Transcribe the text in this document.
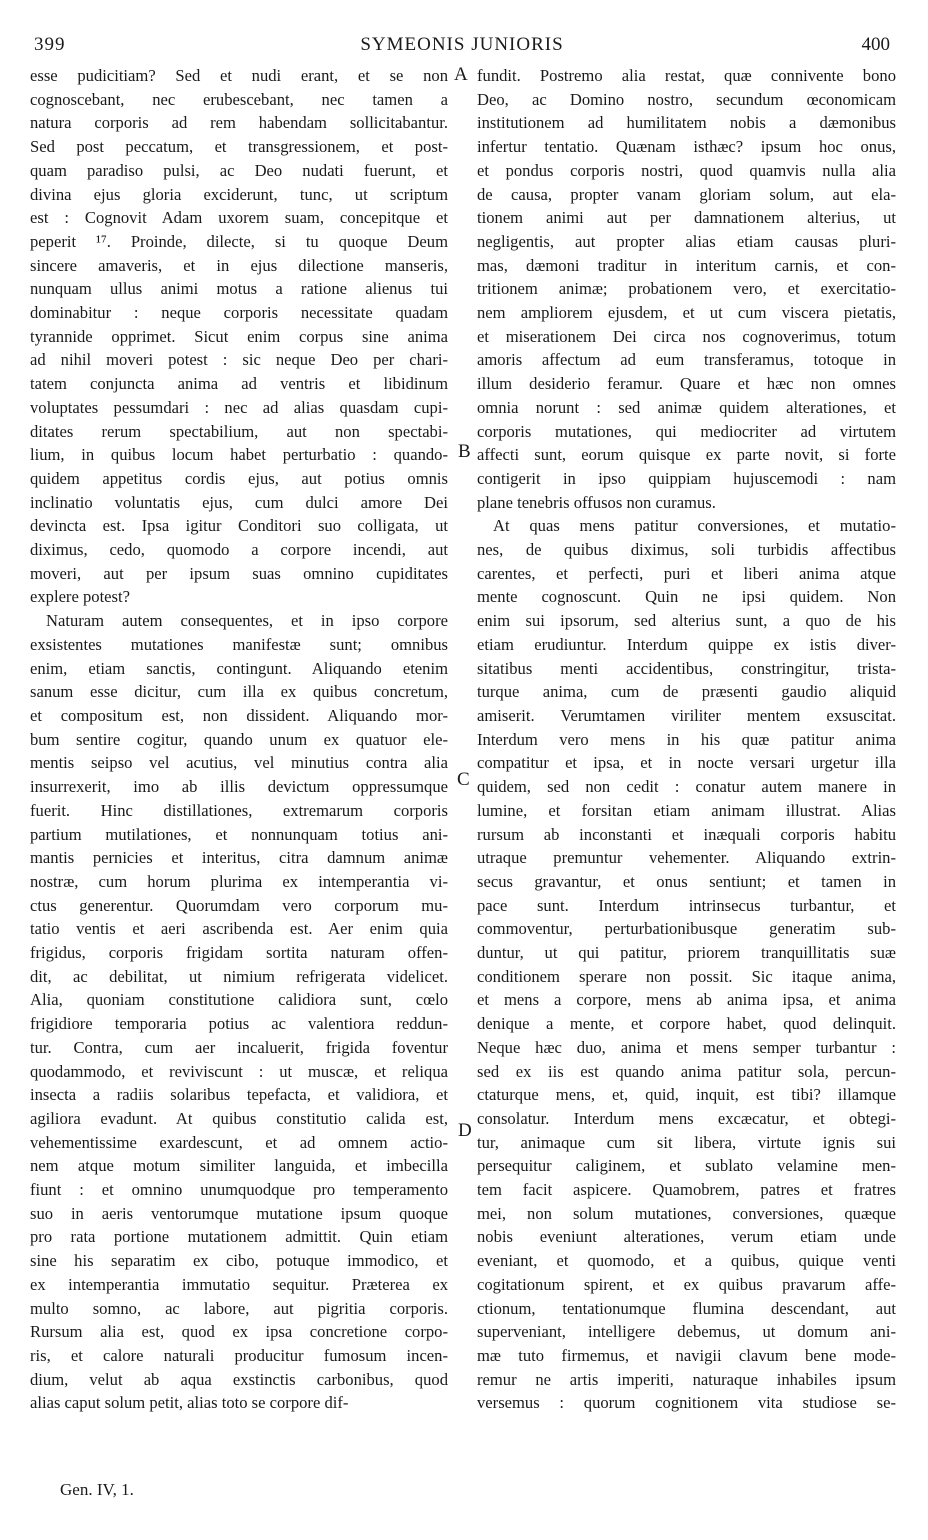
399	SYMEONIS JUNIORIS	400
esse pudicitiam? Sed et nudi erant, et se non
cognoscebant, nec erubescebant, nec tamen a
natura corporis ad rem habendam sollicitabantur.
Sed post peccatum, et transgressionem, et post-
quam paradiso pulsi, ac Deo nudati fuerunt, et
divina ejus gloria exciderunt, tunc, ut scriptum
est : Cognovit Adam uxorem suam, concepitque et
peperit ¹⁷. Proinde, dilecte, si tu quoque Deum
sincere amaveris, et in ejus dilectione manseris,
nunquam ullus animi motus a ratione alienus tui
dominabitur : neque corporis necessitate quadam
tyrannide opprimet. Sicut enim corpus sine anima
ad nihil moveri potest : sic neque Deo per chari-
tatem conjuncta anima ad ventris et libidinum
voluptates pessumdari : nec ad alias quasdam cupi-
ditates rerum spectabilium, aut non spectabi-
lium, in quibus locum habet perturbatio : quando-
quidem appetitus cordis ejus, aut potius omnis
inclinatio voluntatis ejus, cum dulci amore Dei
devincta est. Ipsa igitur Conditori suo colligata, ut
diximus, cedo, quomodo a corpore incendi, aut
moveri, aut per ipsum suas omnino cupiditates
explere potest?
Naturam autem consequentes, et in ipso corpore
exsistentes mutationes manifestæ sunt; omnibus
enim, etiam sanctis, contingunt. Aliquando etenim
sanum esse dicitur, cum illa ex quibus concretum,
et compositum est, non dissident. Aliquando mor-
bum sentire cogitur, quando unum ex quatuor ele-
mentis seipso vel acutius, vel minutius contra alia
insurrexerit, imo ab illis devictum oppressumque
fuerit. Hinc distillationes, extremarum corporis
partium mutilationes, et nonnunquam totius ani-
mantis pernicies et interitus, citra damnum animæ
nostræ, cum horum plurima ex intemperantia vi-
ctus generentur. Quorumdam vero corporum mu-
tatio ventis et aeri ascribenda est. Aer enim quia
frigidus, corporis frigidam sortita naturam offen-
dit, ac debilitat, ut nimium refrigerata videlicet.
Alia, quoniam constitutione calidiora sunt, cœlo
frigidiore temporaria potius ac valentiora reddun-
tur. Contra, cum aer incaluerit, frigida foventur
quodammodo, et reviviscunt : ut muscæ, et reliqua
insecta a radiis solaribus tepefacta, et validiora, et
agiliora evadunt. At quibus constitutio calida est,
vehementissime exardescunt, et ad omnem actio-
nem atque motum similiter languida, et imbecilla
fiunt : et omnino unumquodque pro temperamento
suo in aeris ventorumque mutatione ipsum quoque
pro rata portione mutationem admittit. Quin etiam
sine his separatim ex cibo, potuque immodico, et
ex intemperantia immutatio sequitur. Præterea ex
multo somno, ac labore, aut pigritia corporis.
Rursum alia est, quod ex ipsa concretione corpo-
ris, et calore naturali producitur fumosum incen-
dium, velut ab aqua exstinctis carbonibus, quod
alias caput solum petit, alias toto se corpore dif-
fundit. Postremo alia restat, quæ connivente bono
Deo, ac Domino nostro, secundum œconomicam
institutionem ad humilitatem nobis a dæmonibus
infertur tentatio. Quænam isthæc? ipsum hoc onus,
et pondus corporis nostri, quod quamvis nulla alia
de causa, propter vanam gloriam solum, aut ela-
tionem animi aut per damnationem alterius, ut
negligentis, aut propter alias etiam causas pluri-
mas, dæmoni traditur in interitum carnis, et con-
tritionem animæ; probationem vero, et exercitatio-
nem ampliorem ejusdem, et ut cum viscera pietatis,
et miserationem Dei circa nos cognoverimus, totum
amoris affectum ad eum transferamus, totoque in
illum desiderio feramur. Quare et hæc non omnes
omnia norunt : sed animæ quidem alterationes, et
corporis mutationes, qui mediocriter ad virtutem
affecti sunt, eorum quisque ex parte novit, si forte
contigerit in ipso quippiam hujuscemodi : nam
plane tenebris offusos non curamus.
At quas mens patitur conversiones, et mutatio-
nes, de quibus diximus, soli turbidis affectibus
carentes, et perfecti, puri et liberi anima atque
mente cognoscunt. Quin ne ipsi quidem. Non
enim sui ipsorum, sed alterius sunt, a quo de his
etiam erudiuntur. Interdum quippe ex istis diver-
sitatibus menti accidentibus, constringitur, trista-
turque anima, cum de præsenti gaudio aliquid
amiserit. Verumtamen viriliter mentem exsuscitat.
Interdum vero mens in his quæ patitur anima
compatitur et ipsa, et in nocte versari urgetur illa
quidem, sed non cedit : conatur autem manere in
lumine, et forsitan etiam animam illustrat. Alias
rursum ab inconstanti et inæquali corporis habitu
utraque premuntur vehementer. Aliquando extrin-
secus gravantur, et onus sentiunt; et tamen in
pace sunt. Interdum intrinsecus turbantur, et
commoventur, perturbationibusque generatim sub-
duntur, ut qui patitur, priorem tranquillitatis suæ
conditionem sperare non possit. Sic itaque anima,
et mens a corpore, mens ab anima ipsa, et anima
denique a mente, et corpore habet, quod delinquit.
Neque hæc duo, anima et mens semper turbantur :
sed ex iis est quando anima patitur sola, percun-
ctaturque mens, et, quid, inquit, est tibi? illamque
consolatur. Interdum mens excæcatur, et obtegi-
tur, animaque cum sit libera, virtute ignis sui
persequitur caliginem, et sublato velamine men-
tem facit aspicere. Quamobrem, patres et fratres
mei, non solum mutationes, conversiones, quæque
nobis eveniunt alterationes, verum etiam unde
eveniant, et quomodo, et a quibus, quique venti
cogitationum spirent, et ex quibus pravarum affe-
ctionum, tentationumque flumina descendant, aut
superveniant, intelligere debemus, ut domum ani-
mæ tuto firmemus, et navigii clavum bene mode-
remur ne artis imperiti, naturaque inhabiles ipsum
versemus : quorum cognitionem vita studiose se-
A
B
C
D
Gen. IV, 1.
